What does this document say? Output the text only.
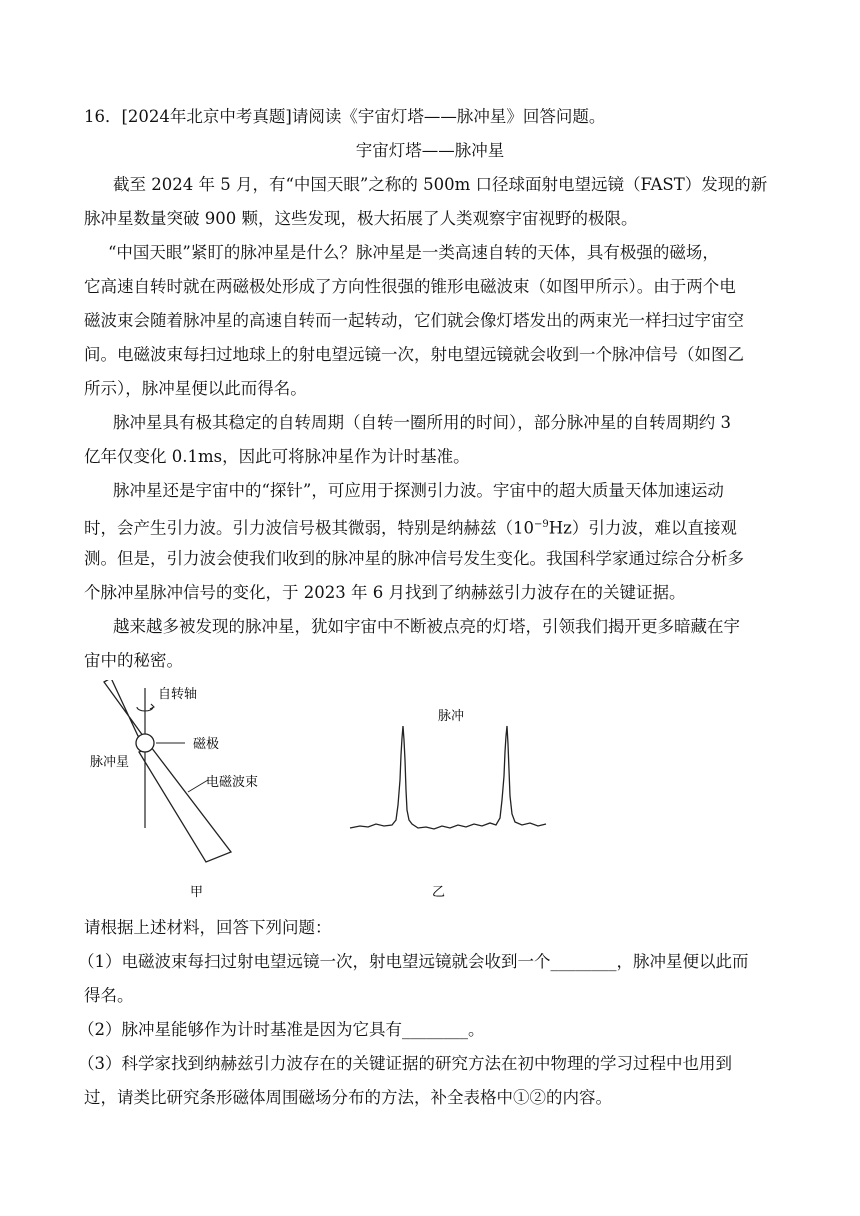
16．[2024年北京中考真题]请阅读《宇宙灯塔——脉冲星》回答问题。
宇宙灯塔——脉冲星
截至 2024 年 5 月，有“中国天眼”之称的 500m 口径球面射电望远镜（FAST）发现的新
脉冲星数量突破 900 颗，这些发现，极大拓展了人类观察宇宙视野的极限。
“中国天眼”紧盯的脉冲星是什么？脉冲星是一类高速自转的天体，具有极强的磁场，
它高速自转时就在两磁极处形成了方向性很强的锥形电磁波束（如图甲所示）。由于两个电
磁波束会随着脉冲星的高速自转而一起转动，它们就会像灯塔发出的两束光一样扫过宇宙空
间。电磁波束每扫过地球上的射电望远镜一次，射电望远镜就会收到一个脉冲信号（如图乙
所示），脉冲星便以此而得名。
脉冲星具有极其稳定的自转周期（自转一圈所用的时间），部分脉冲星的自转周期约 3
亿年仅变化 0.1ms，因此可将脉冲星作为计时基准。
脉冲星还是宇宙中的“探针”，可应用于探测引力波。宇宙中的超大质量天体加速运动
时，会产生引力波。引力波信号极其微弱，特别是纳赫兹$(10^{-9}Hz)$引力波，难以直接观
测。但是，引力波会使我们收到的脉冲星的脉冲信号发生变化。我国科学家通过综合分析多
个脉冲星脉冲信号的变化，于 2023 年 6 月找到了纳赫兹引力波存在的关键证据。
越来越多被发现的脉冲星，犹如宇宙中不断被点亮的灯塔，引领我们揭开更多暗藏在宇
宙中的秘密。
自转轴
磁极
脉冲星
电磁波束
甲
脉冲
乙
请根据上述材料，回答下列问题：
（1）电磁波束每扫过射电望远镜一次，射电望远镜就会收到一个________，脉冲星便以此而
得名。
（2）脉冲星能够作为计时基准是因为它具有________。
（3）科学家找到纳赫兹引力波存在的关键证据的研究方法在初中物理的学习过程中也用到
过，请类比研究条形磁体周围磁场分布的方法，补全表格中①②的内容。
